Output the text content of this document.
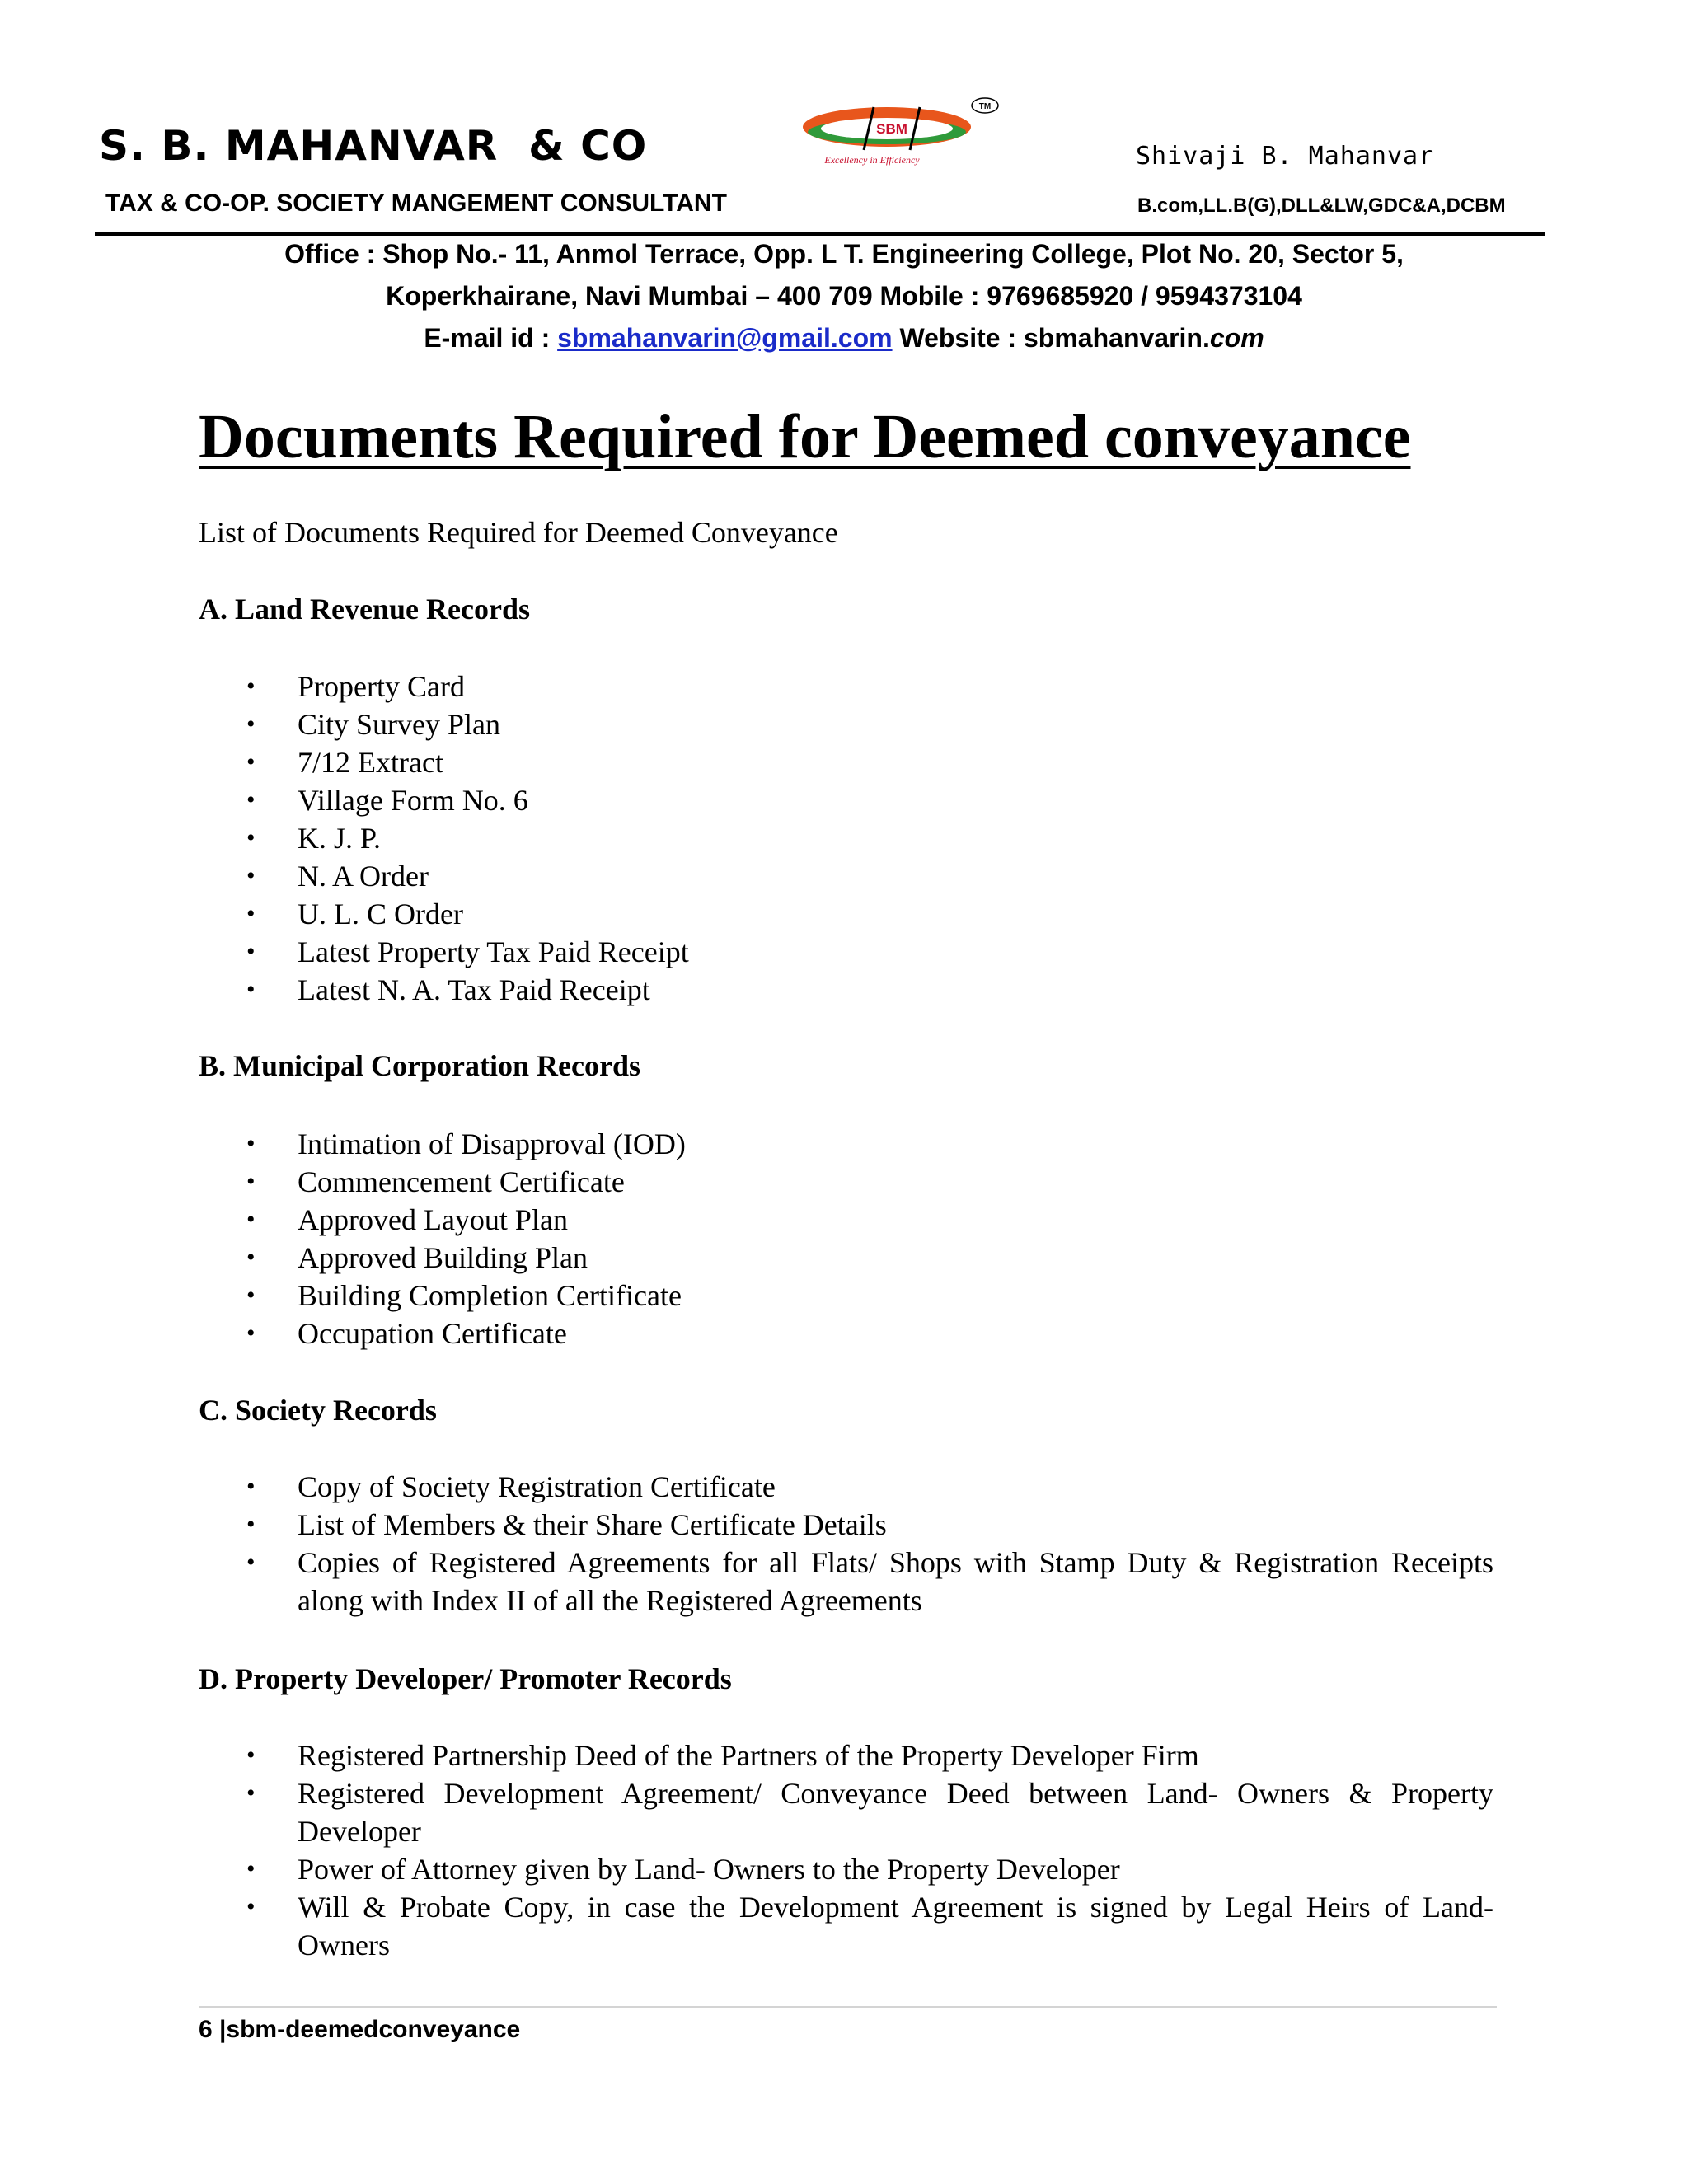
S. B. MAHANVAR  & CO	SBM
TM
Excellency in Efficiency	Shivaji B. Mahanvar
TAX & CO-OP. SOCIETY MANGEMENT CONSULTANT	B.com,LL.B(G),DLL&LW,GDC&A,DCBM
Office : Shop No.- 11, Anmol Terrace, Opp. L T. Engineering College, Plot No. 20, Sector 5,
Koperkhairane, Navi Mumbai – 400 709 Mobile : 9769685920 / 9594373104
E-mail id : sbmahanvarin@gmail.com Website : sbmahanvarin.com
Documents Required for Deemed conveyance
List of Documents Required for Deemed Conveyance
A. Land Revenue Records
• Property Card
• City Survey Plan
• 7/12 Extract
• Village Form No. 6
• K. J. P.
• N. A Order
• U. L. C Order
• Latest Property Tax Paid Receipt
• Latest N. A. Tax Paid Receipt
B. Municipal Corporation Records
• Intimation of Disapproval (IOD)
• Commencement Certificate
• Approved Layout Plan
• Approved Building Plan
• Building Completion Certificate
• Occupation Certificate
C. Society Records
• Copy of Society Registration Certificate
• List of Members & their Share Certificate Details
• Copies of Registered Agreements for all Flats/ Shops with Stamp Duty & Registration Receipts along with Index II of all the Registered Agreements
D. Property Developer/ Promoter Records
• Registered Partnership Deed of the Partners of the Property Developer Firm
• Registered Development Agreement/ Conveyance Deed between Land- Owners & Property Developer
• Power of Attorney given by Land- Owners to the Property Developer
• Will & Probate Copy, in case the Development Agreement is signed by Legal Heirs of Land- Owners
6 |sbm-deemedconveyance
